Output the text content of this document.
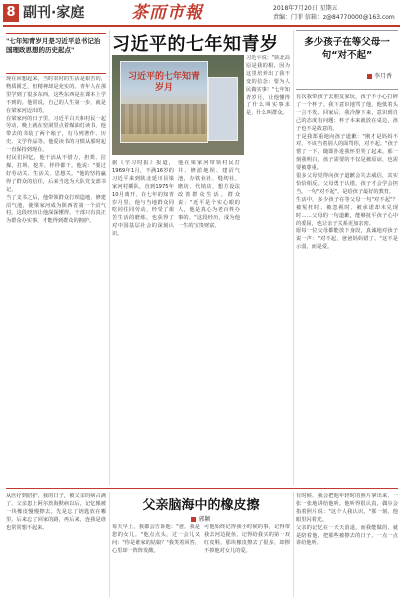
8 副刊·家庭	茶而市報	2018年7月20日 星期五
责编：门菲 信箱：z@84770000@163.com
"七年知青岁月是习近平总书记治国理政思想的历史起点"
现在回想起来，当时农村的生活是艰苦的，物质匮乏，但精神却是充实的。青年人在那里学到了很多东西，这些东西是在课本上学不到的。他常说，自己的人生第一步，就是在梁家河迈出的。
在梁家河的日子里，习近平白天和村民一起劳动，晚上就在窑洞里点着煤油灯读书。他带去的书装了两个箱子，有马列著作、历史、文学作品等。他爱读书的习惯从那时起一直保持到现在。
村民们回忆，他干活从不惜力，担粪、拉煤、打坝、挖井，样样都干。他说："要过好劳动关、生活关、思想关。"他的坚持赢得了群众的信任，后来当选为大队党支部书记。
当了支书之后，他带领群众打坝造地、修建沼气池，使梁家河成为陕西省第一个沼气村。这段经历让他深深懂得，干部只有真正为群众办实事，才能得到群众的拥护。
习近平的七年知青岁
习近平的七年知青岁月
据《学习时报》报道，1969年1月，不满16岁的习近平来到陕北延川县梁家河村插队，直到1975年10月离开。在七年的知青岁月里，他与当地群众同吃同住同劳动，经受了艰苦生活的磨炼，也获得了对中国基层社会的深刻认识。
他在梁家河带领村民打井、修淤地坝、建沼气池，办铁业社、缝纫社、磨坊、代销店，想方设法改善群众生活。群众说："近平是个实心眼的人，他是真心为老百姓办事的。"这段经历，成为他一生的宝贵财富。
习近平说："陕北高原是我的根，因为这里培养出了我不变的信念：要为人民做实事！"七年知青岁月，让他懂得了什么叫实事求是，什么叫群众。
多少孩子在等父母一句“对不起”
李月香
有次我带孩子去朋友家玩，孩子不小心打碎了一个杯子。我下意识地骂了他，他低着头一言不发。回家后，我冷静下来，意识到自己的态度有问题：杯子本来就放在桌边，孩子也不是故意的。
于是我郑重地向孩子道歉："刚才是妈妈不对，不该当着别人的面骂你，对不起。"孩子愣了一下，随即扑进我怀里哭了起来。那一刻我明白，孩子需要的不仅是被原谅，也需要被尊重。
很多父母觉得向孩子道歉会失去威信，其实恰恰相反。父母勇于认错，孩子才会学会担当。一句"对不起"，是给孩子最好的教育。
生活中，多少孩子在等父母一句"对不起"？被冤枉时、被忽视时、被承诺却未兑现时……父母的一句道歉，能够抚平孩子心中的委屈，也让亲子关系更加亲密。
愿每一位父母都能放下身段，真诚地对孩子说一声："对不起，爸爸妈妈错了。"这不是示弱，而是爱。
从医疗到陪护，我的日子，被父亲的病占满了。父亲患上阿尔茨海默病以后，记忆像被一块橡皮慢慢擦去。先是忘了钥匙放在哪里，后来忘了回家的路，再后来，连我是谁也常常想不起来。
父亲脑海中的橡皮擦
郭颖
每天早上，我都会告诉他："爸，我是您的女儿。"他点点头，过一会儿又问："你是谁家的姑娘？"我笑着回答，心里却一阵阵发酸。
可他始终记得我小时候的事，记得带我去河边捉鱼，记得给我买的第一双红皮鞋。那块橡皮擦去了很多，却擦不掉他对女儿的爱。
有时候，我会把他年轻时的照片拿出来，一张一张地讲给他听。他听得很认真，偶尔会指着照片说："这个人我认识。"那一刻，他眼里闪着光。
父亲的记忆在一天天消退，而我能做的，就是陪着他，把那些被擦去的日子，一点一点讲给他听。
